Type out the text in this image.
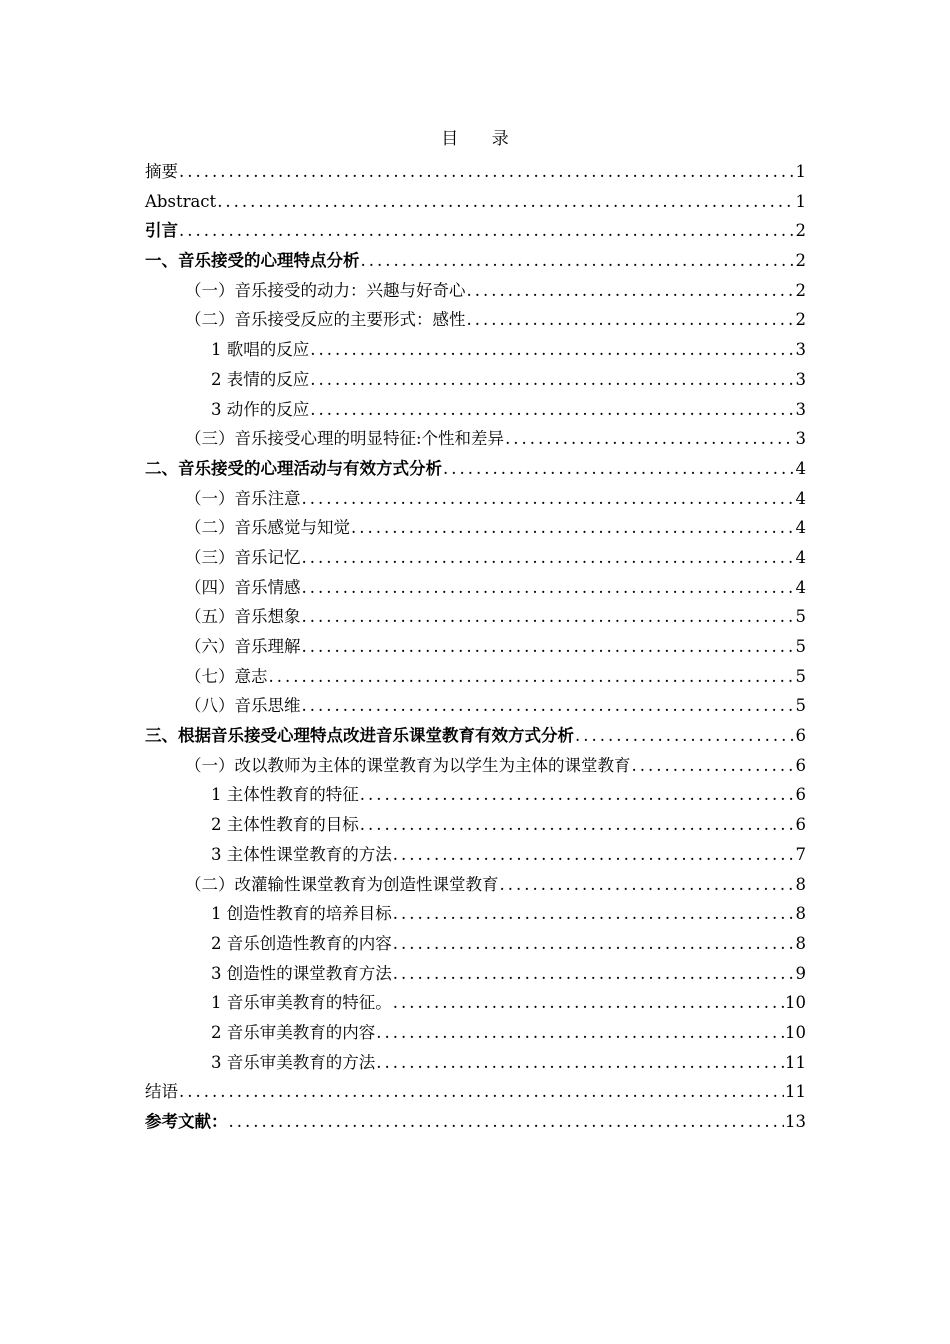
目 录
摘要 .....	1
Abstract .....	1
引言 .....	2
一、音乐接受的心理特点分析 .....	2
（一）音乐接受的动力：兴趣与好奇心 .....	2
（二）音乐接受反应的主要形式：感性 .....	2
1 歌唱的反应 .....	3
2 表情的反应 .....	3
3 动作的反应 .....	3
（三）音乐接受心理的明显特征:个性和差异 .....	3
二、音乐接受的心理活动与有效方式分析 .....	4
（一）音乐注意 .....	4
（二）音乐感觉与知觉 .....	4
（三）音乐记忆 .....	4
（四）音乐情感 .....	4
（五）音乐想象 .....	5
（六）音乐理解 .....	5
（七）意志 .....	5
（八）音乐思维 .....	5
三、根据音乐接受心理特点改进音乐课堂教育有效方式分析 .....	6
（一）改以教师为主体的课堂教育为以学生为主体的课堂教育 .....	6
1 主体性教育的特征 .....	6
2 主体性教育的目标 .....	6
3 主体性课堂教育的方法 .....	7
（二）改灌输性课堂教育为创造性课堂教育 .....	8
1 创造性教育的培养目标 .....	8
2 音乐创造性教育的内容 .....	8
3 创造性的课堂教育方法 .....	9
1 音乐审美教育的特征。 .....	10
2 音乐审美教育的内容 .....	10
3 音乐审美教育的方法 .....	11
结语 .....	11
参考文献： .....	13
